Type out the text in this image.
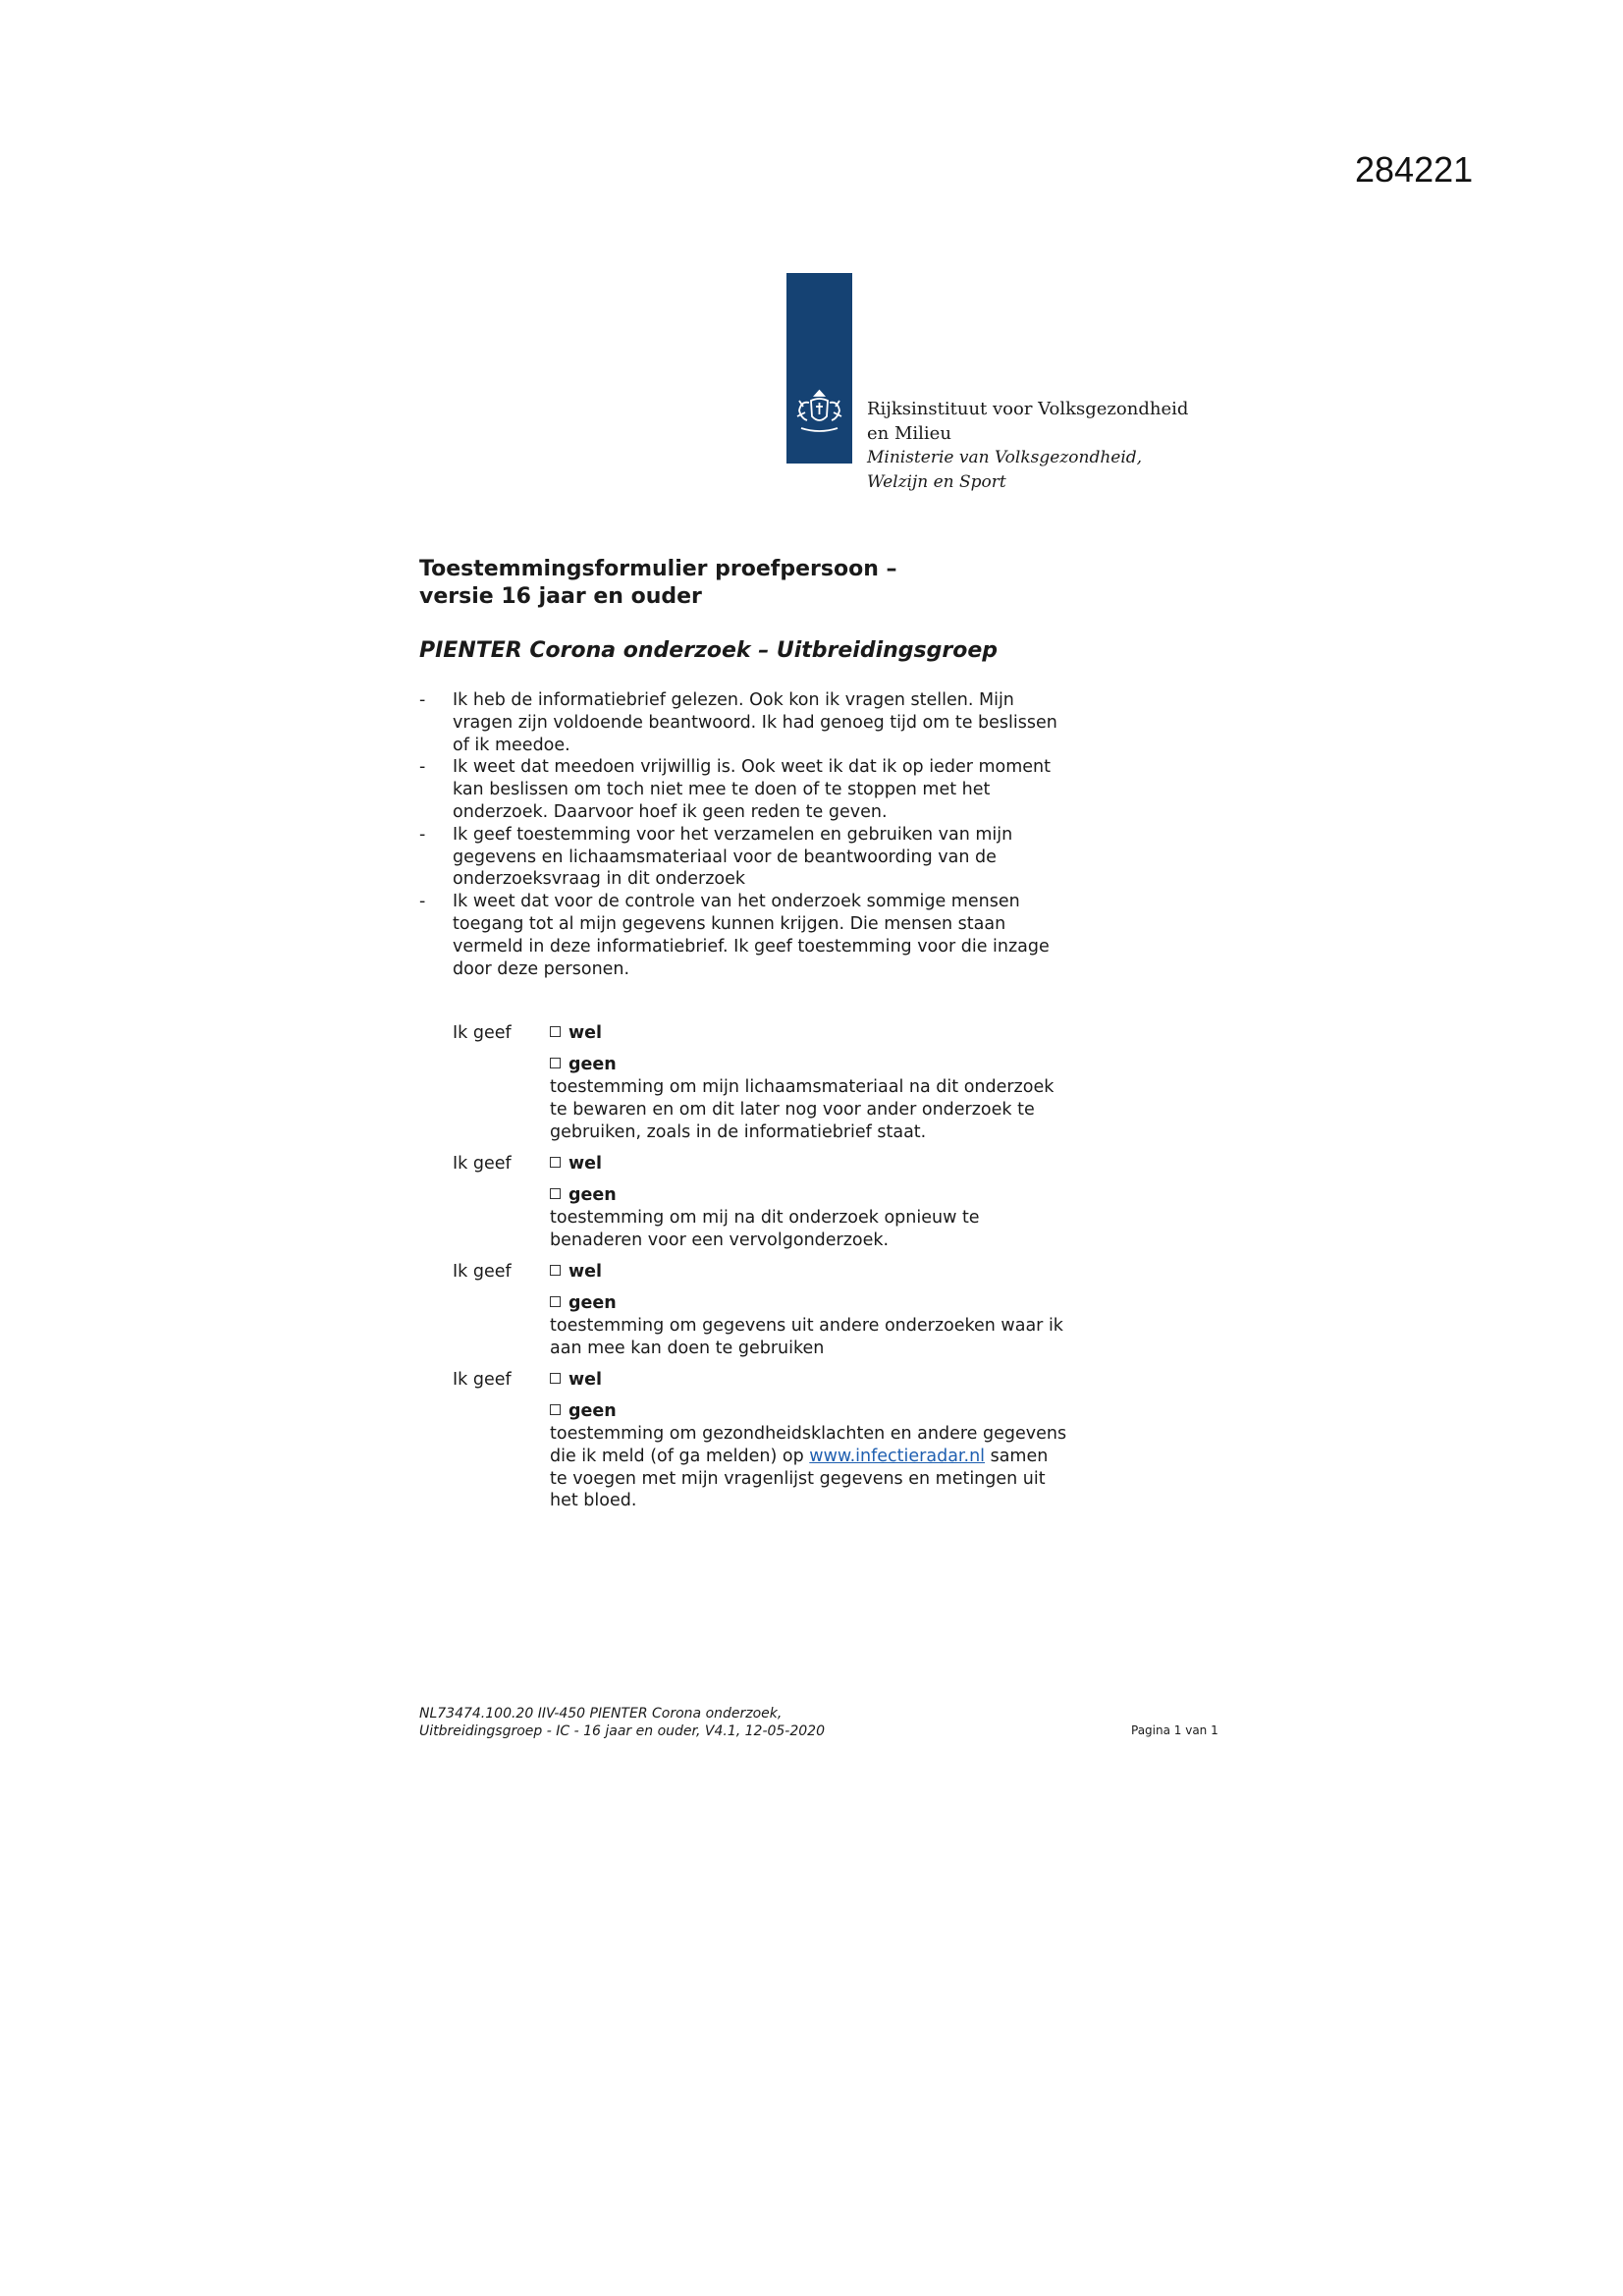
284221
Rijksinstituut voor Volksgezondheid
en Milieu
Ministerie van Volksgezondheid,
Welzijn en Sport
Toestemmingsformulier proefpersoon –
versie 16 jaar en ouder
PIENTER Corona onderzoek – Uitbreidingsgroep
- Ik heb de informatiebrief gelezen. Ook kon ik vragen stellen. Mijn
vragen zijn voldoende beantwoord. Ik had genoeg tijd om te beslissen
of ik meedoe.
- Ik weet dat meedoen vrijwillig is. Ook weet ik dat ik op ieder moment
kan beslissen om toch niet mee te doen of te stoppen met het
onderzoek. Daarvoor hoef ik geen reden te geven.
- Ik geef toestemming voor het verzamelen en gebruiken van mijn
gegevens en lichaamsmateriaal voor de beantwoording van de
onderzoeksvraag in dit onderzoek
- Ik weet dat voor de controle van het onderzoek sommige mensen
toegang tot al mijn gegevens kunnen krijgen. Die mensen staan
vermeld in deze informatiebrief. Ik geef toestemming voor die inzage
door deze personen.
Ik geef	wel
geen
toestemming om mijn lichaamsmateriaal na dit onderzoek
te bewaren en om dit later nog voor ander onderzoek te
gebruiken, zoals in de informatiebrief staat.
Ik geef	wel
geen
toestemming om mij na dit onderzoek opnieuw te
benaderen voor een vervolgonderzoek.
Ik geef	wel
geen
toestemming om gegevens uit andere onderzoeken waar ik
aan mee kan doen te gebruiken
Ik geef	wel
geen
toestemming om gezondheidsklachten en andere gegevens
die ik meld (of ga melden) op www.infectieradar.nl samen
te voegen met mijn vragenlijst gegevens en metingen uit
het bloed.
NL73474.100.20 IIV-450 PIENTER Corona onderzoek,
Uitbreidingsgroep - IC - 16 jaar en ouder, V4.1, 12-05-2020	Pagina 1 van 1
